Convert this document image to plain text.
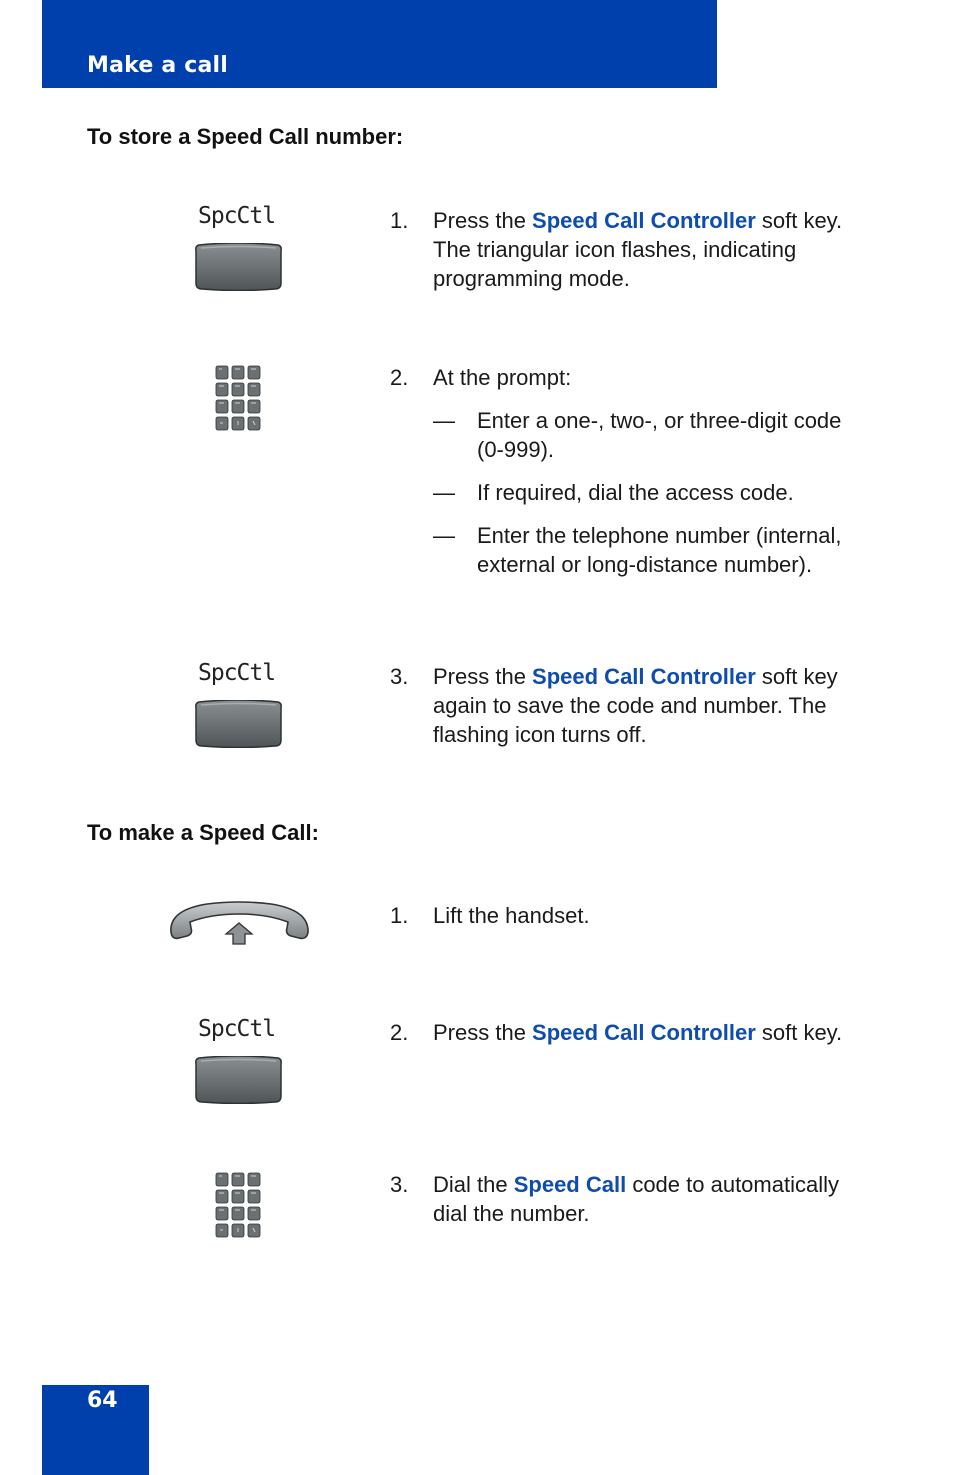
Make a call
To store a Speed Call number:
SpcCtl	1. Press the Speed Call Controller soft key. The triangular icon flashes, indicating programming mode.
2. At the prompt:
— Enter a one-, two-, or three-digit code (0-999).
— If required, dial the access code.
— Enter the telephone number (internal, external or long-distance number).
SpcCtl	3. Press the Speed Call Controller soft key again to save the code and number. The flashing icon turns off.
To make a Speed Call:
1. Lift the handset.
SpcCtl	2. Press the Speed Call Controller soft key.
3. Dial the Speed Call code to automatically dial the number.
64
